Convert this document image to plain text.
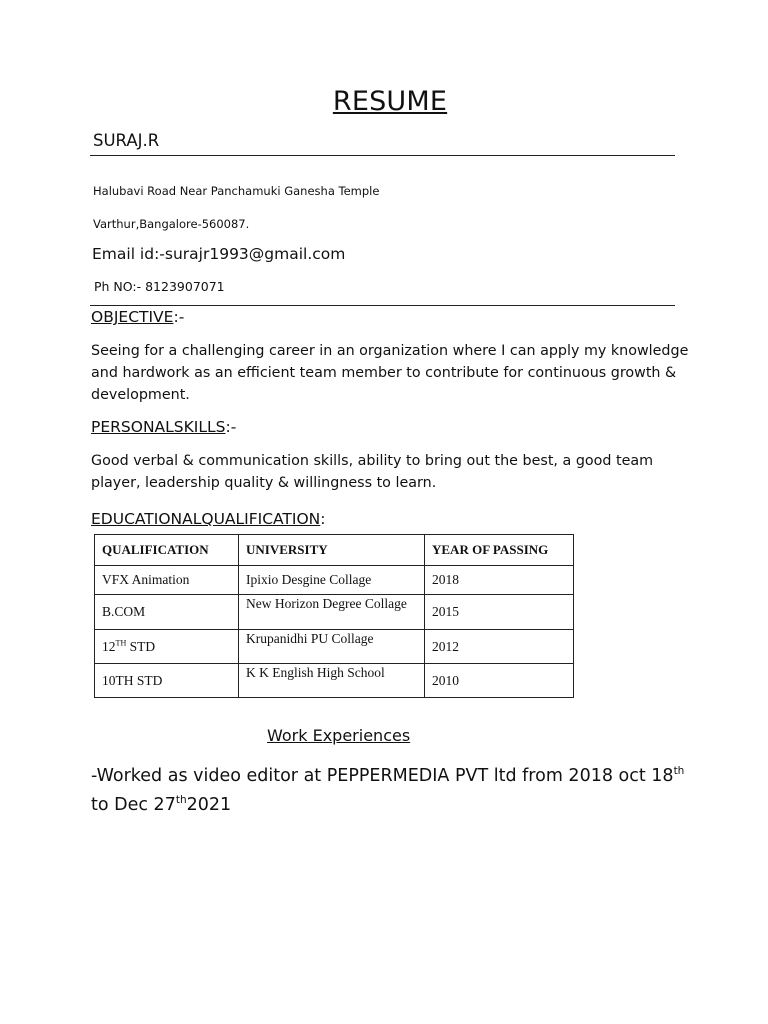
RESUME
SURAJ.R
Halubavi Road Near Panchamuki Ganesha Temple
Varthur,Bangalore-560087.
Email id:-surajr1993@gmail.com
Ph NO:- 8123907071
OBJECTIVE:-
Seeing for a challenging career in an organization where I can apply my knowledge and hardwork as an efficient team member to contribute for continuous growth & development.
PERSONALSKILLS:-
Good verbal & communication skills, ability to bring out the best, a good team player, leadership quality & willingness to learn.
EDUCATIONALQUALIFICATION:
QUALIFICATION	UNIVERSITY	YEAR OF PASSING
VFX Animation	Ipixio Desgine Collage	2018
B.COM	New Horizon Degree Collage	2015
12TH STD	Krupanidhi PU Collage	2012
10TH STD	K K English High School	2010
Work Experiences
-Worked as video editor at PEPPERMEDIA PVT ltd from 2018 oct 18th to Dec 27th2021
